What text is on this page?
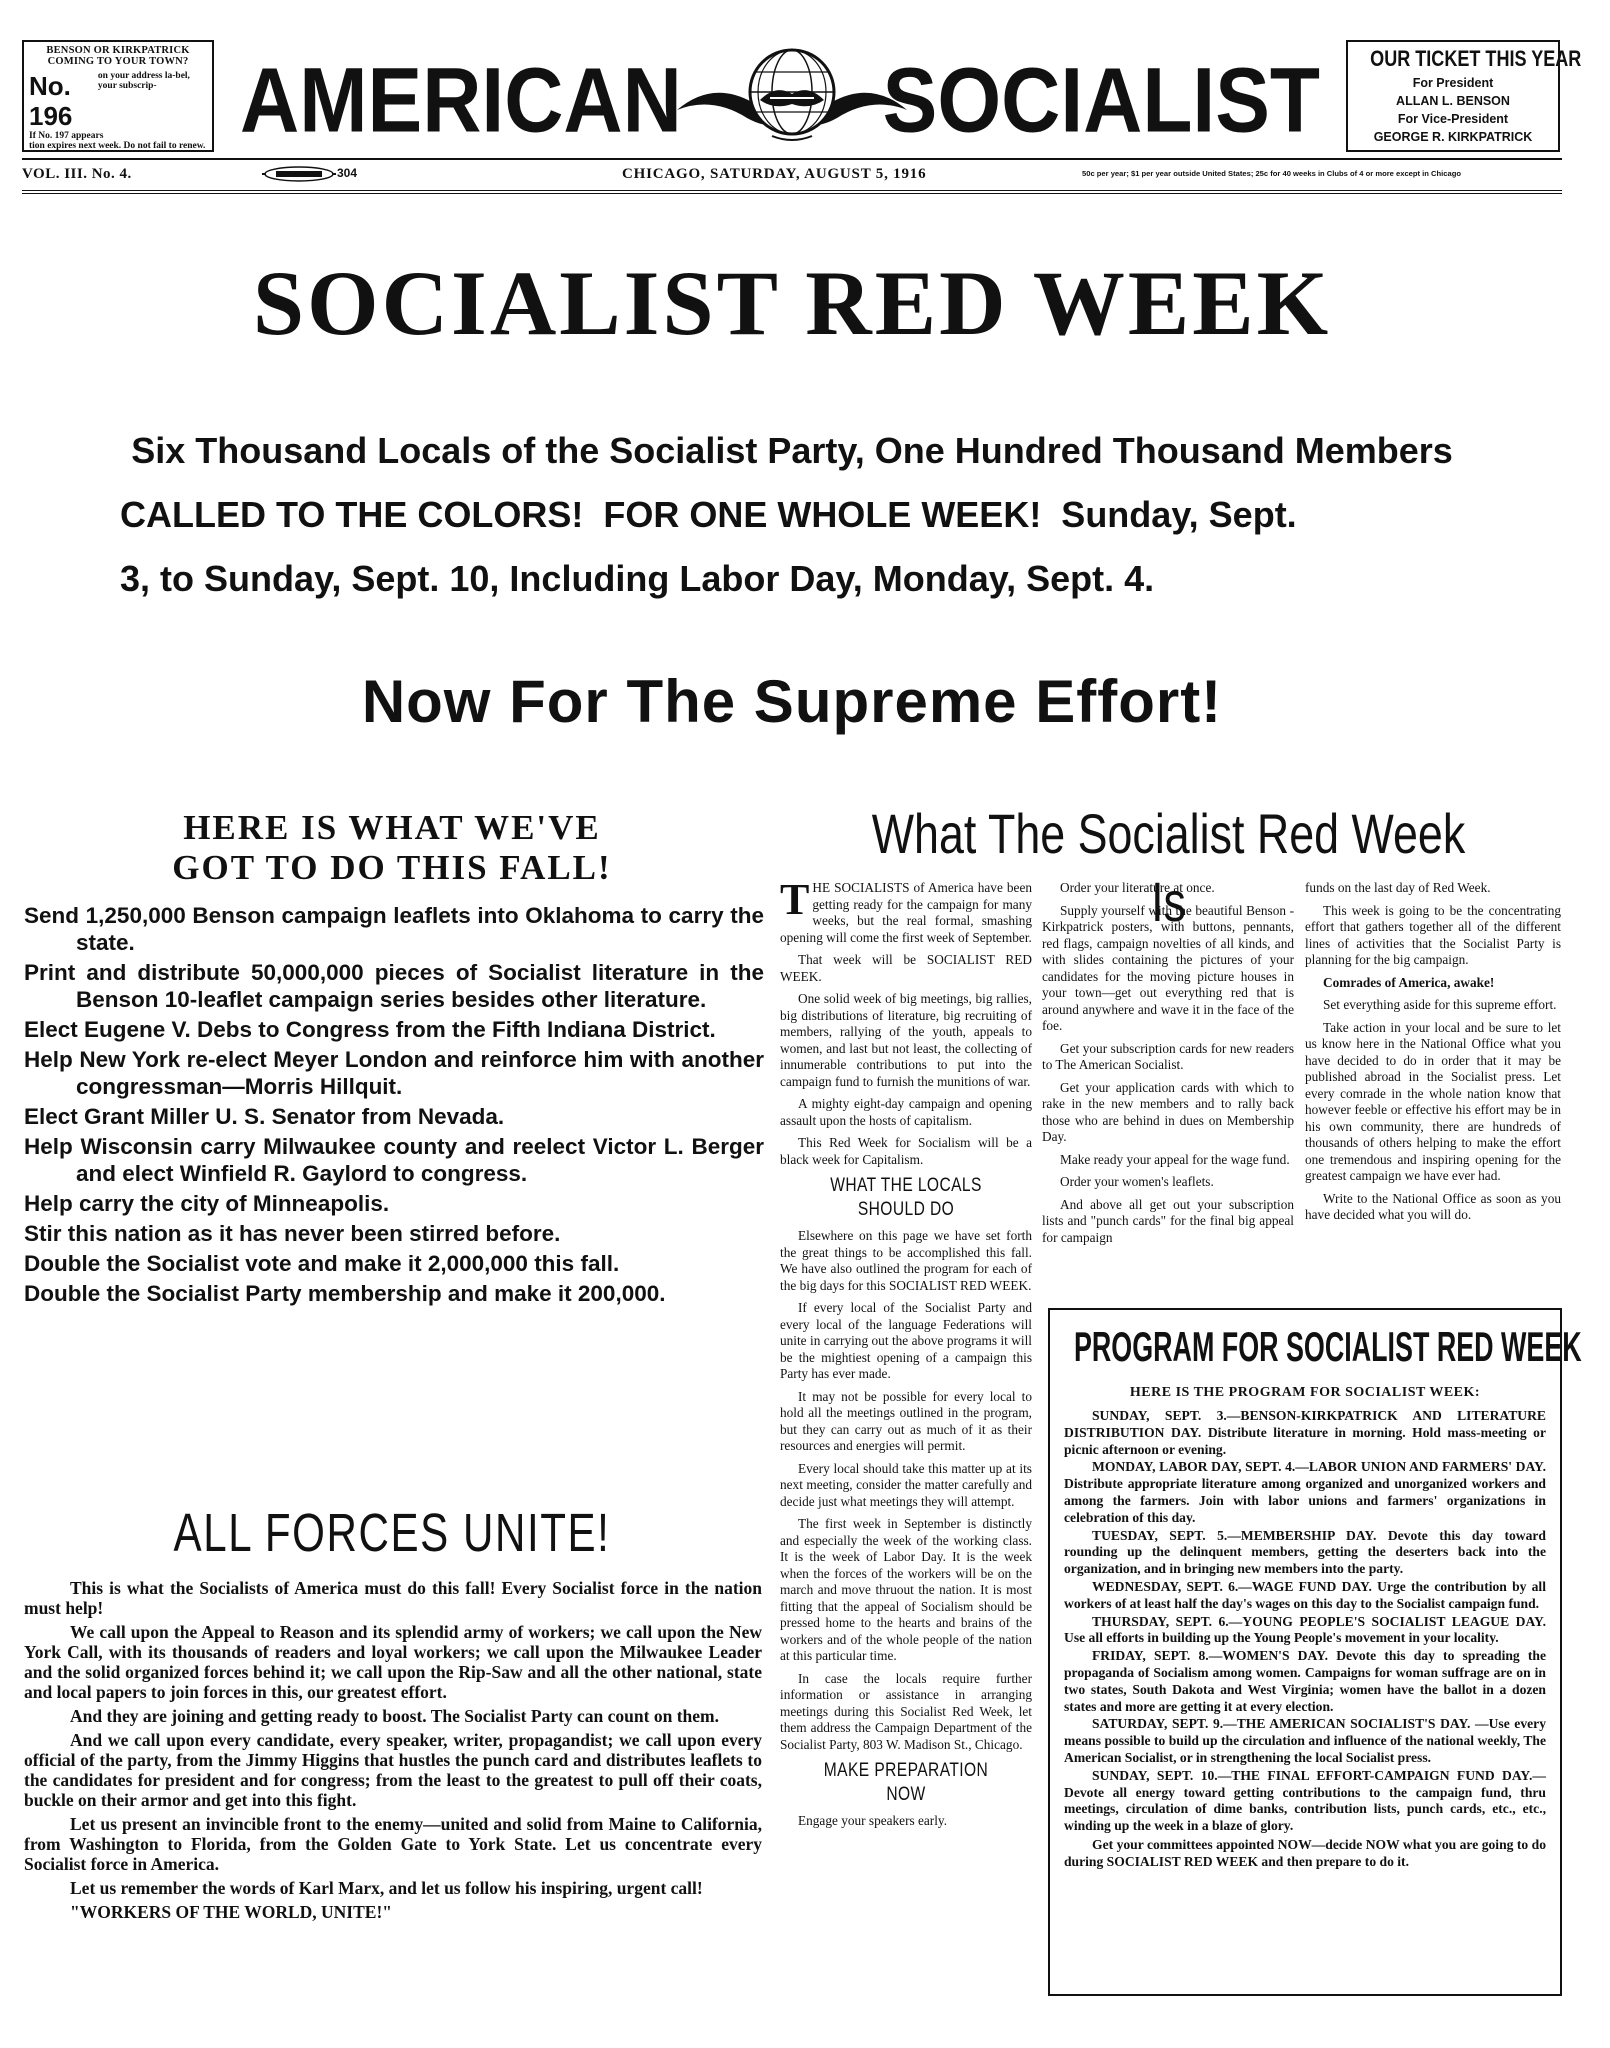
BENSON OR KIRKPATRICK COMING TO YOUR TOWN?
No. 196
on your address la-bel, your subscrip-
If No. 197 appears
tion expires next week. Do not fail to renew. AMERICAN SOCIALIST OUR TICKET THIS YEAR
For President
ALLAN L. BENSON
For Vice-President
GEORGE R. KIRKPATRICK
VOL. III. No. 4.	304	CHICAGO, SATURDAY, AUGUST 5, 1916	50c per year; $1 per year outside United States; 25c for 40 weeks in Clubs of 4 or more except in Chicago
SOCIALIST RED WEEK
Six Thousand Locals of the Socialist Party, One Hundred Thousand Members
CALLED TO THE COLORS!  FOR ONE WHOLE WEEK!  Sunday, Sept.
3, to Sunday, Sept. 10, Including Labor Day, Monday, Sept. 4.
Now For The Supreme Effort!
HERE IS WHAT WE'VE
GOT TO DO THIS FALL!
Send 1,250,000 Benson campaign leaflets into Oklahoma to carry the state.
Print and distribute 50,000,000 pieces of Socialist literature in the Benson 10-leaflet campaign series besides other literature.
Elect Eugene V. Debs to Congress from the Fifth Indiana District.
Help New York re-elect Meyer London and reinforce him with another congressman—Morris Hillquit.
Elect Grant Miller U. S. Senator from Nevada.
Help Wisconsin carry Milwaukee county and reelect Victor L. Berger and elect Winfield R. Gaylord to congress.
Help carry the city of Minneapolis.
Stir this nation as it has never been stirred before.
Double the Socialist vote and make it 2,000,000 this fall.
Double the Socialist Party membership and make it 200,000.
ALL FORCES UNITE!

This is what the Socialists of America must do this fall! Every Socialist force in the nation must help!

We call upon the Appeal to Reason and its splendid army of workers; we call upon the New York Call, with its thousands of readers and loyal workers; we call upon the Milwaukee Leader and the solid organized forces behind it; we call upon the Rip-Saw and all the other national, state and local papers to join forces in this, our greatest effort.

And they are joining and getting ready to boost. The Socialist Party can count on them.

And we call upon every candidate, every speaker, writer, propagandist; we call upon every official of the party, from the Jimmy Higgins that hustles the punch card and distributes leaflets to the candidates for president and for congress; from the least to the greatest to pull off their coats, buckle on their armor and get into this fight.

Let us present an invincible front to the enemy—united and solid from Maine to California, from Washington to Florida, from the Golden Gate to York State. Let us concentrate every Socialist force in America.

Let us remember the words of Karl Marx, and let us follow his inspiring, urgent call!

"WORKERS OF THE WORLD, UNITE!"

What The Socialist Red Week Is

THE SOCIALISTS of America have been getting ready for the campaign for many weeks, but the real formal, smashing opening will come the first week of September.

That week will be SOCIALIST RED WEEK.

One solid week of big meetings, big rallies, big distributions of literature, big recruiting of members, rallying of the youth, appeals to women, and last but not least, the collecting of innumerable contributions to put into the campaign fund to furnish the munitions of war.

A mighty eight-day campaign and opening assault upon the hosts of capitalism.

This Red Week for Socialism will be a black week for Capitalism.

WHAT THE LOCALS SHOULD DO

Elsewhere on this page we have set forth the great things to be accomplished this fall. We have also outlined the program for each of the big days for this SOCIALIST RED WEEK.

If every local of the Socialist Party and every local of the language Federations will unite in carrying out the above programs it will be the mightiest opening of a campaign this Party has ever made.

It may not be possible for every local to hold all the meetings outlined in the program, but they can carry out as much of it as their resources and energies will permit.

Every local should take this matter up at its next meeting, consider the matter carefully and decide just what meetings they will attempt.

The first week in September is distinctly and especially the week of the working class. It is the week of Labor Day. It is the week when the forces of the workers will be on the march and move thruout the nation. It is most fitting that the appeal of Socialism should be pressed home to the hearts and brains of the workers and of the whole people of the nation at this particular time.

In case the locals require further information or assistance in arranging meetings during this Socialist Red Week, let them address the Campaign Department of the Socialist Party, 803 W. Madison St., Chicago.

MAKE PREPARATION NOW

Engage your speakers early.

Order your literature at once.

Supply yourself with the beautiful Benson - Kirkpatrick posters, with buttons, pennants, red flags, campaign novelties of all kinds, and with slides containing the pictures of your candidates for the moving picture houses in your town—get out everything red that is around anywhere and wave it in the face of the foe.

Get your subscription cards for new readers to The American Socialist.

Get your application cards with which to rake in the new members and to rally back those who are behind in dues on Membership Day.

Make ready your appeal for the wage fund.

Order your women's leaflets.

And above all get out your subscription lists and "punch cards" for the final big appeal for campaign

funds on the last day of Red Week.

This week is going to be the concentrating effort that gathers together all of the different lines of activities that the Socialist Party is planning for the big campaign.

Comrades of America, awake!

Set everything aside for this supreme effort.

Take action in your local and be sure to let us know here in the National Office what you have decided to do in order that it may be published abroad in the Socialist press. Let every comrade in the whole nation know that however feeble or effective his effort may be in his own community, there are hundreds of thousands of others helping to make the effort one tremendous and inspiring opening for the greatest campaign we have ever had.

Write to the National Office as soon as you have decided what you will do.

PROGRAM FOR SOCIALIST RED WEEK
HERE IS THE PROGRAM FOR SOCIALIST WEEK:

SUNDAY, SEPT. 3.—BENSON-KIRKPATRICK AND LITERATURE DISTRIBUTION DAY. Distribute literature in morning. Hold mass-meeting or picnic afternoon or evening.

MONDAY, LABOR DAY, SEPT. 4.—LABOR UNION AND FARMERS' DAY. Distribute appropriate literature among organized and unorganized workers and among the farmers. Join with labor unions and farmers' organizations in celebration of this day.

TUESDAY, SEPT. 5.—MEMBERSHIP DAY. Devote this day toward rounding up the delinquent members, getting the deserters back into the organization, and in bringing new members into the party.

WEDNESDAY, SEPT. 6.—WAGE FUND DAY. Urge the contribution by all workers of at least half the day's wages on this day to the Socialist campaign fund.

THURSDAY, SEPT. 6.—YOUNG PEOPLE'S SOCIALIST LEAGUE DAY. Use all efforts in building up the Young People's movement in your locality.

FRIDAY, SEPT. 8.—WOMEN'S DAY. Devote this day to spreading the propaganda of Socialism among women. Campaigns for woman suffrage are on in two states, South Dakota and West Virginia; women have the ballot in a dozen states and more are getting it at every election.

SATURDAY, SEPT. 9.—THE AMERICAN SOCIALIST'S DAY. —Use every means possible to build up the circulation and influence of the national weekly, The American Socialist, or in strengthening the local Socialist press.

SUNDAY, SEPT. 10.—THE FINAL EFFORT-CAMPAIGN FUND DAY.—Devote all energy toward getting contributions to the campaign fund, thru meetings, circulation of dime banks, contribution lists, punch cards, etc., etc., winding up the week in a blaze of glory.

Get your committees appointed NOW—decide NOW what you are going to do during SOCIALIST RED WEEK and then prepare to do it.
